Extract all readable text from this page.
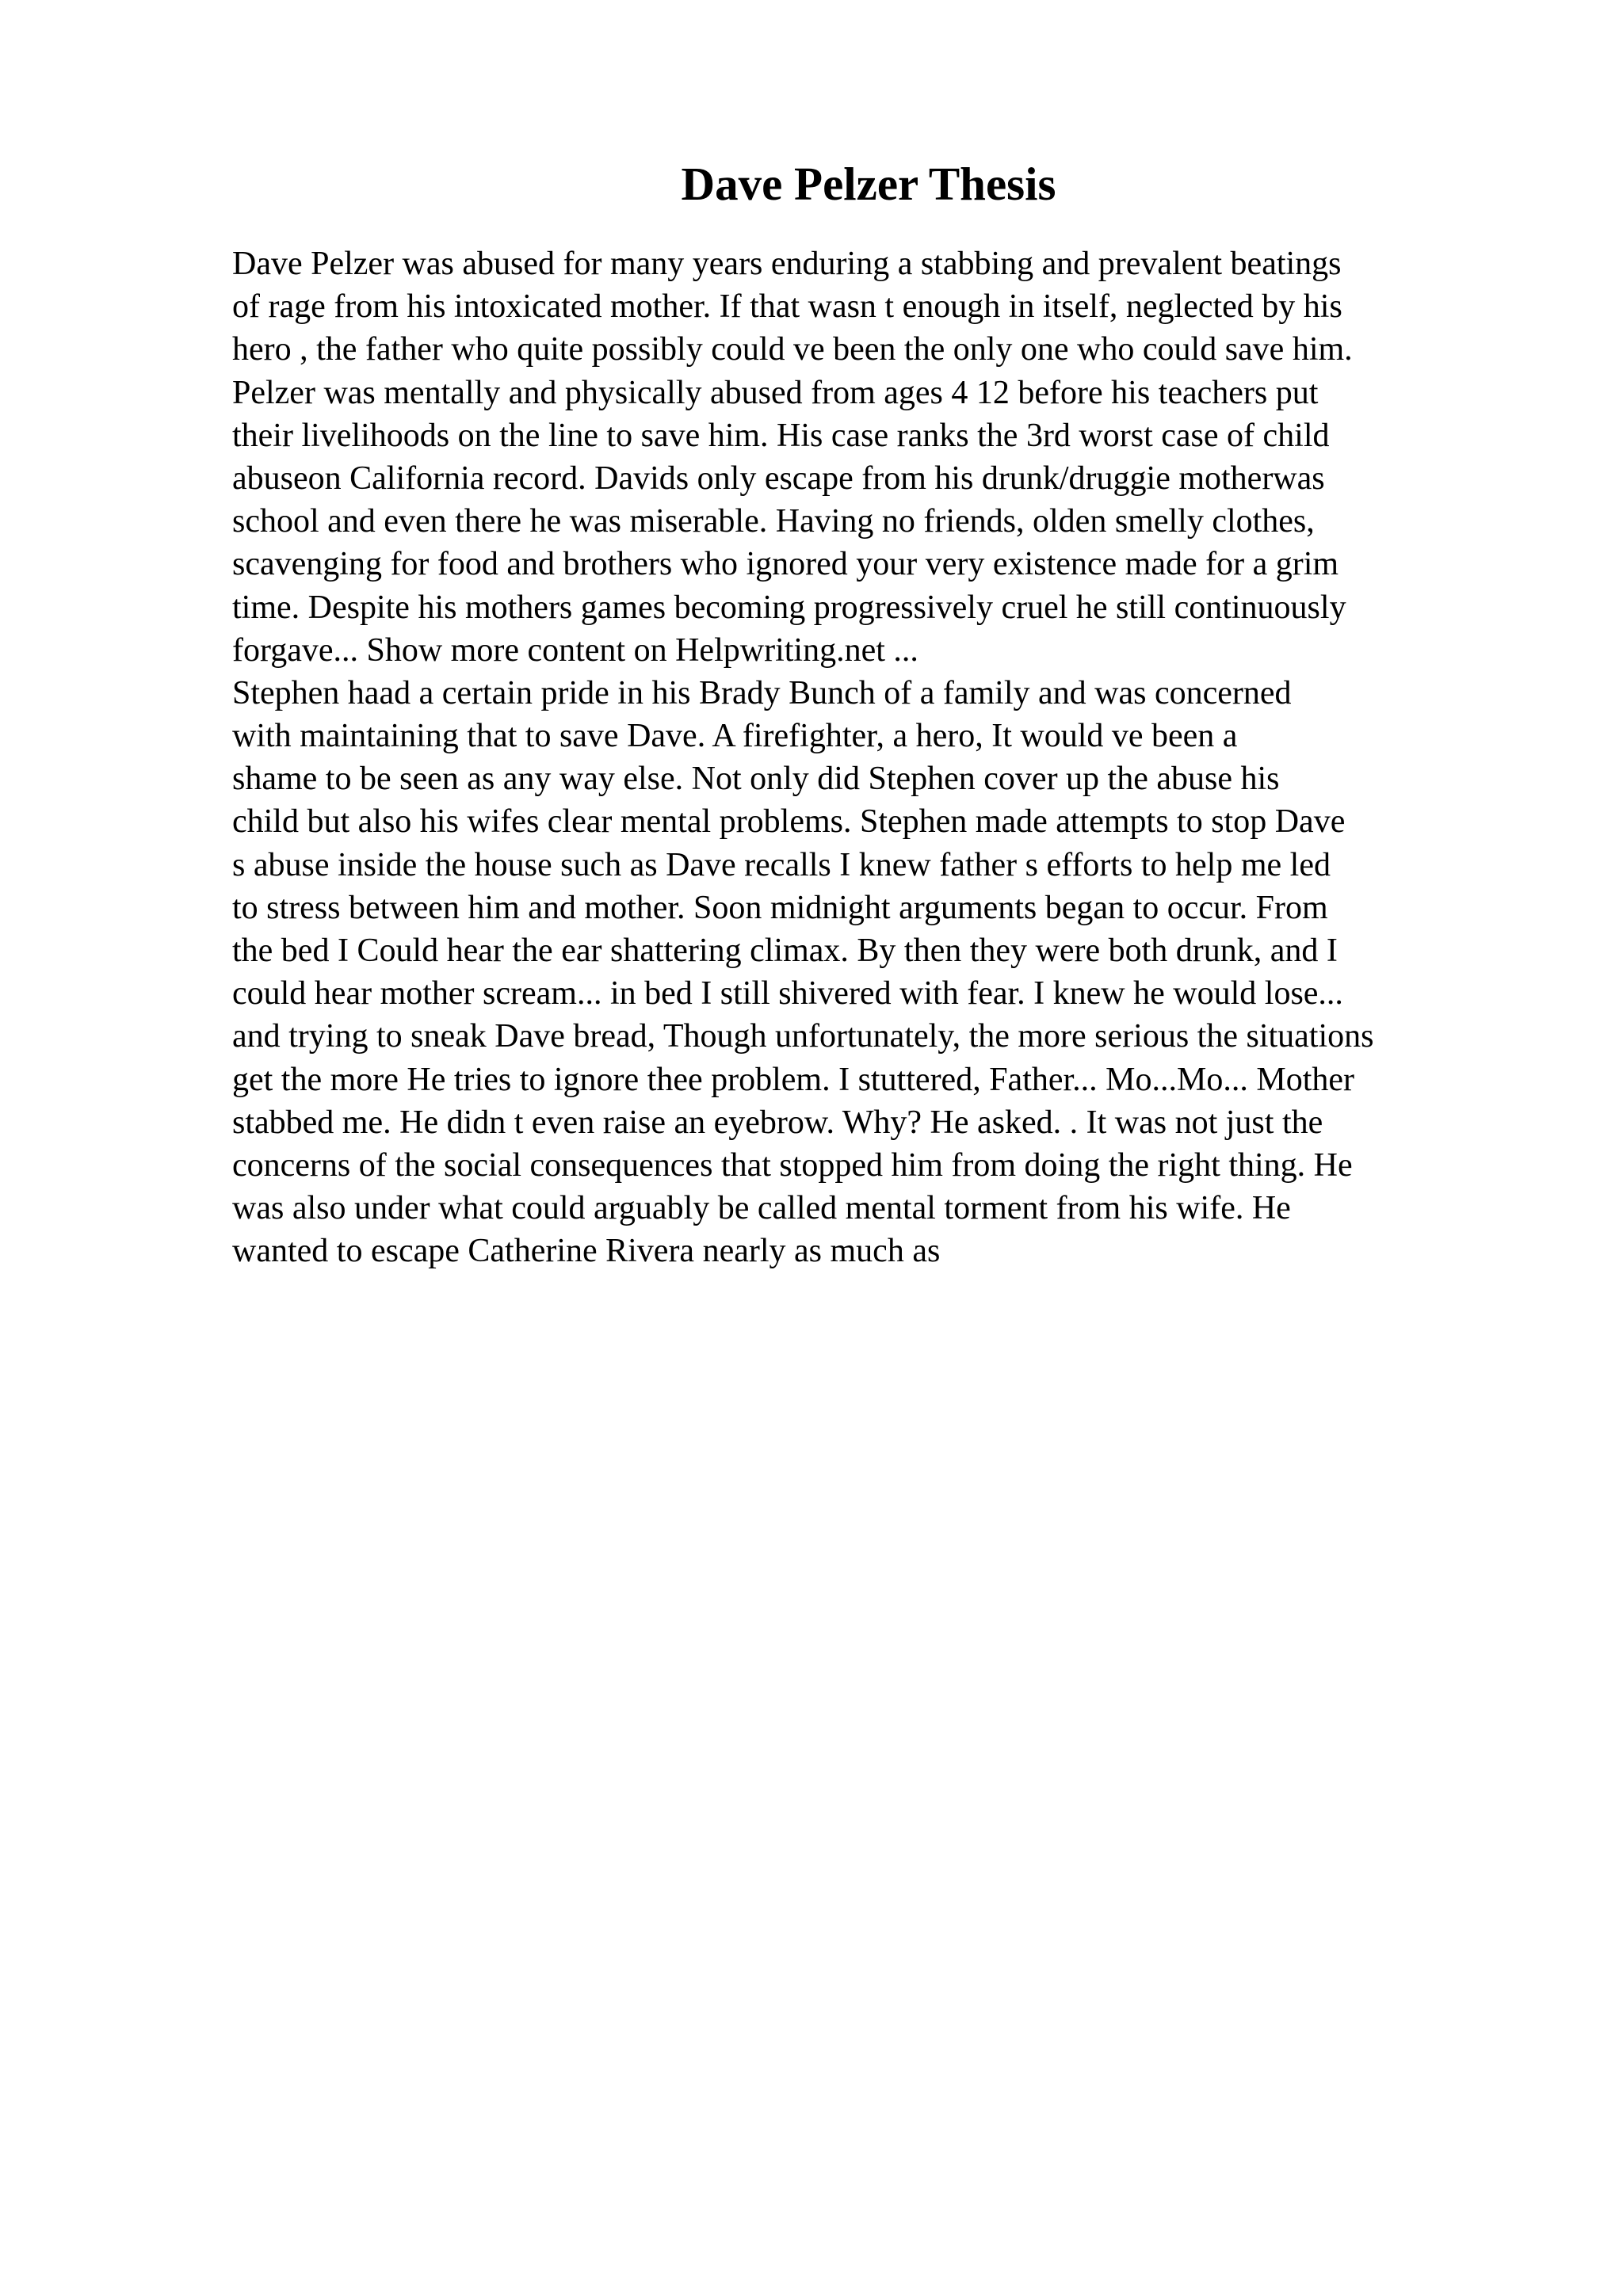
Dave Pelzer Thesis
Dave Pelzer was abused for many years enduring a stabbing and prevalent beatings
of rage from his intoxicated mother. If that wasn t enough in itself, neglected by his
hero , the father who quite possibly could ve been the only one who could save him.
Pelzer was mentally and physically abused from ages 4 12 before his teachers put
their livelihoods on the line to save him. His case ranks the 3rd worst case of child
abuseon California record. Davids only escape from his drunk/druggie motherwas
school and even there he was miserable. Having no friends, olden smelly clothes,
scavenging for food and brothers who ignored your very existence made for a grim
time. Despite his mothers games becoming progressively cruel he still continuously
forgave... Show more content on Helpwriting.net ...
Stephen haad a certain pride in his Brady Bunch of a family and was concerned
with maintaining that to save Dave. A firefighter, a hero, It would ve been a
shame to be seen as any way else. Not only did Stephen cover up the abuse his
child but also his wifes clear mental problems. Stephen made attempts to stop Dave
s abuse inside the house such as Dave recalls I knew father s efforts to help me led
to stress between him and mother. Soon midnight arguments began to occur. From
the bed I Could hear the ear shattering climax. By then they were both drunk, and I
could hear mother scream... in bed I still shivered with fear. I knew he would lose...
and trying to sneak Dave bread, Though unfortunately, the more serious the situations
get the more He tries to ignore thee problem. I stuttered, Father... Mo...Mo... Mother
stabbed me. He didn t even raise an eyebrow. Why? He asked. . It was not just the
concerns of the social consequences that stopped him from doing the right thing. He
was also under what could arguably be called mental torment from his wife. He
wanted to escape Catherine Rivera nearly as much as
